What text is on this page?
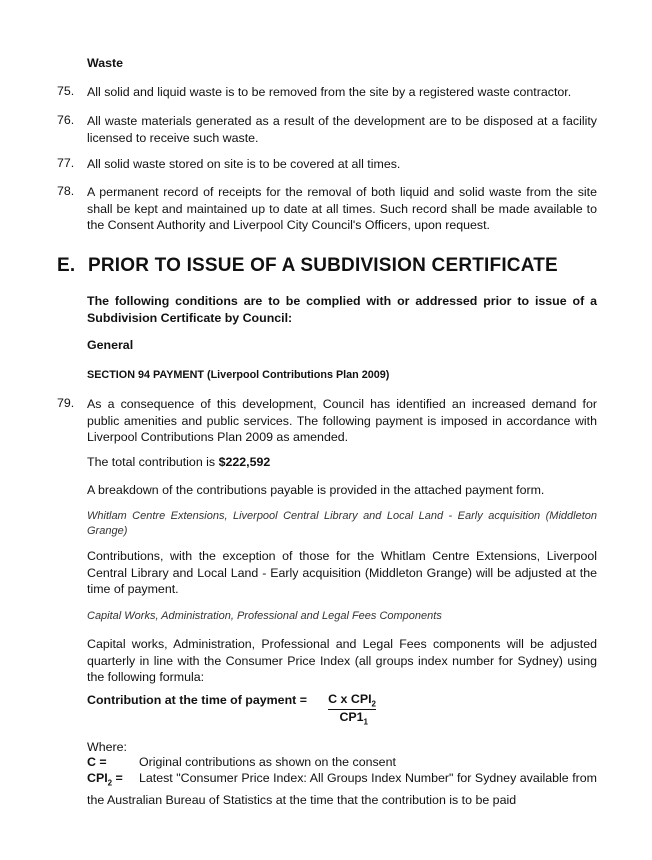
Waste

75. All solid and liquid waste is to be removed from the site by a registered waste contractor.

76. All waste materials generated as a result of the development are to be disposed at a facility licensed to receive such waste.

77. All solid waste stored on site is to be covered at all times.

78. A permanent record of receipts for the removal of both liquid and solid waste from the site shall be kept and maintained up to date at all times. Such record shall be made available to the Consent Authority and Liverpool City Council's Officers, upon request.

E. PRIOR TO ISSUE OF A SUBDIVISION CERTIFICATE

The following conditions are to be complied with or addressed prior to issue of a Subdivision Certificate by Council:

General

SECTION 94 PAYMENT (Liverpool Contributions Plan 2009)

79. As a consequence of this development, Council has identified an increased demand for public amenities and public services. The following payment is imposed in accordance with Liverpool Contributions Plan 2009 as amended.

The total contribution is $222,592

A breakdown of the contributions payable is provided in the attached payment form.

Whitlam Centre Extensions, Liverpool Central Library and Local Land - Early acquisition (Middleton Grange)

Contributions, with the exception of those for the Whitlam Centre Extensions, Liverpool Central Library and Local Land - Early acquisition (Middleton Grange) will be adjusted at the time of payment.

Capital Works, Administration, Professional and Legal Fees Components

Capital works, Administration, Professional and Legal Fees components will be adjusted quarterly in line with the Consumer Price Index (all groups index number for Sydney) using the following formula:

Contribution at the time of payment =	C x $CPI_2$
$CP1_1$

Where:

C =	Original contributions as shown on the consent

$CPI_2$ = Latest "Consumer Price Index: All Groups Index Number" for Sydney available from the Australian Bureau of Statistics at the time that the contribution is to be paid
